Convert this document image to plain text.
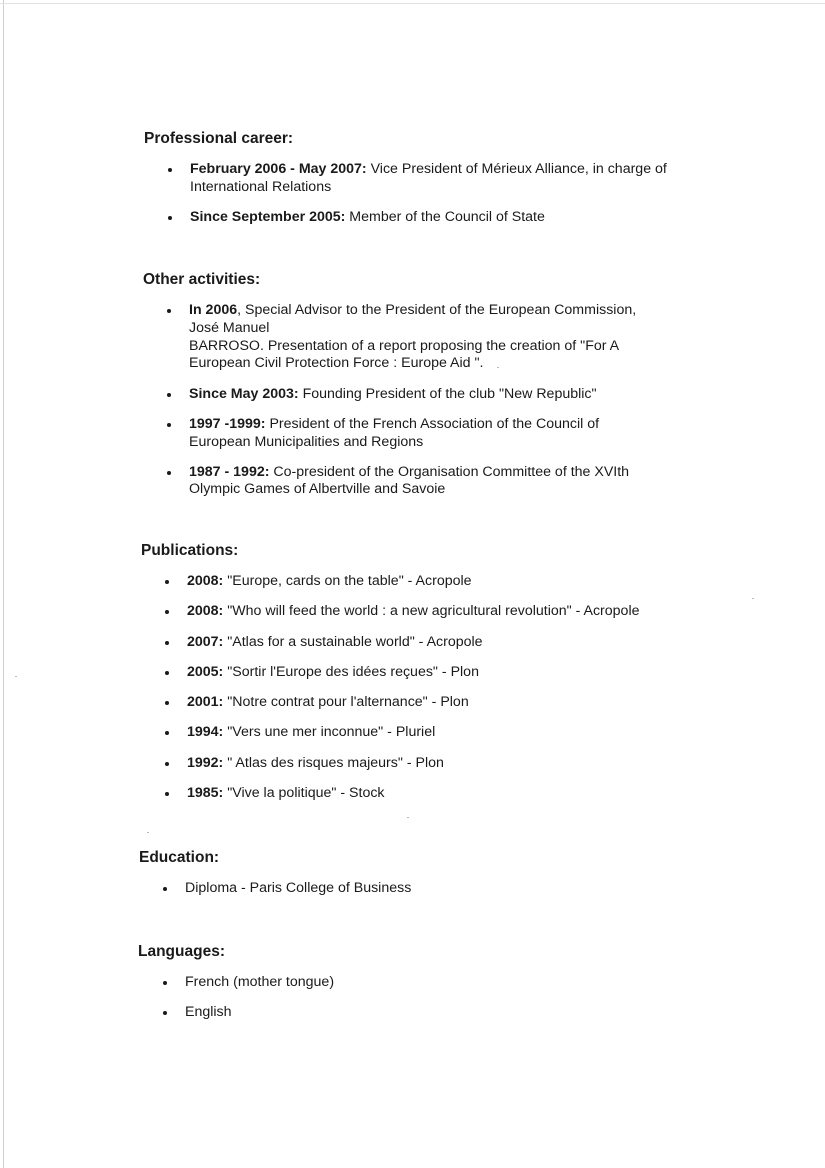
Professional career:
February 2006 - May 2007: Vice President of Mérieux Alliance, in charge of
International Relations
Since September 2005: Member of the Council of State
Other activities:
In 2006, Special Advisor to the President of the European Commission,
José Manuel
BARROSO. Presentation of a report proposing the creation of "For A
European Civil Protection Force : Europe Aid ".
Since May 2003: Founding President of the club "New Republic"
1997 -1999: President of the French Association of the Council of
European Municipalities and Regions
1987 - 1992: Co-president of the Organisation Committee of the XVIth
Olympic Games of Albertville and Savoie
Publications:
2008: "Europe, cards on the table" - Acropole
2008: "Who will feed the world : a new agricultural revolution" - Acropole
2007: "Atlas for a sustainable world" - Acropole
2005: "Sortir l'Europe des idées reçues" - Plon
2001: "Notre contrat pour l'alternance" - Plon
1994: "Vers une mer inconnue" - Pluriel
1992: " Atlas des risques majeurs" - Plon
1985: "Vive la politique" - Stock
Education:
Diploma - Paris College of Business
Languages:
French (mother tongue)
English
